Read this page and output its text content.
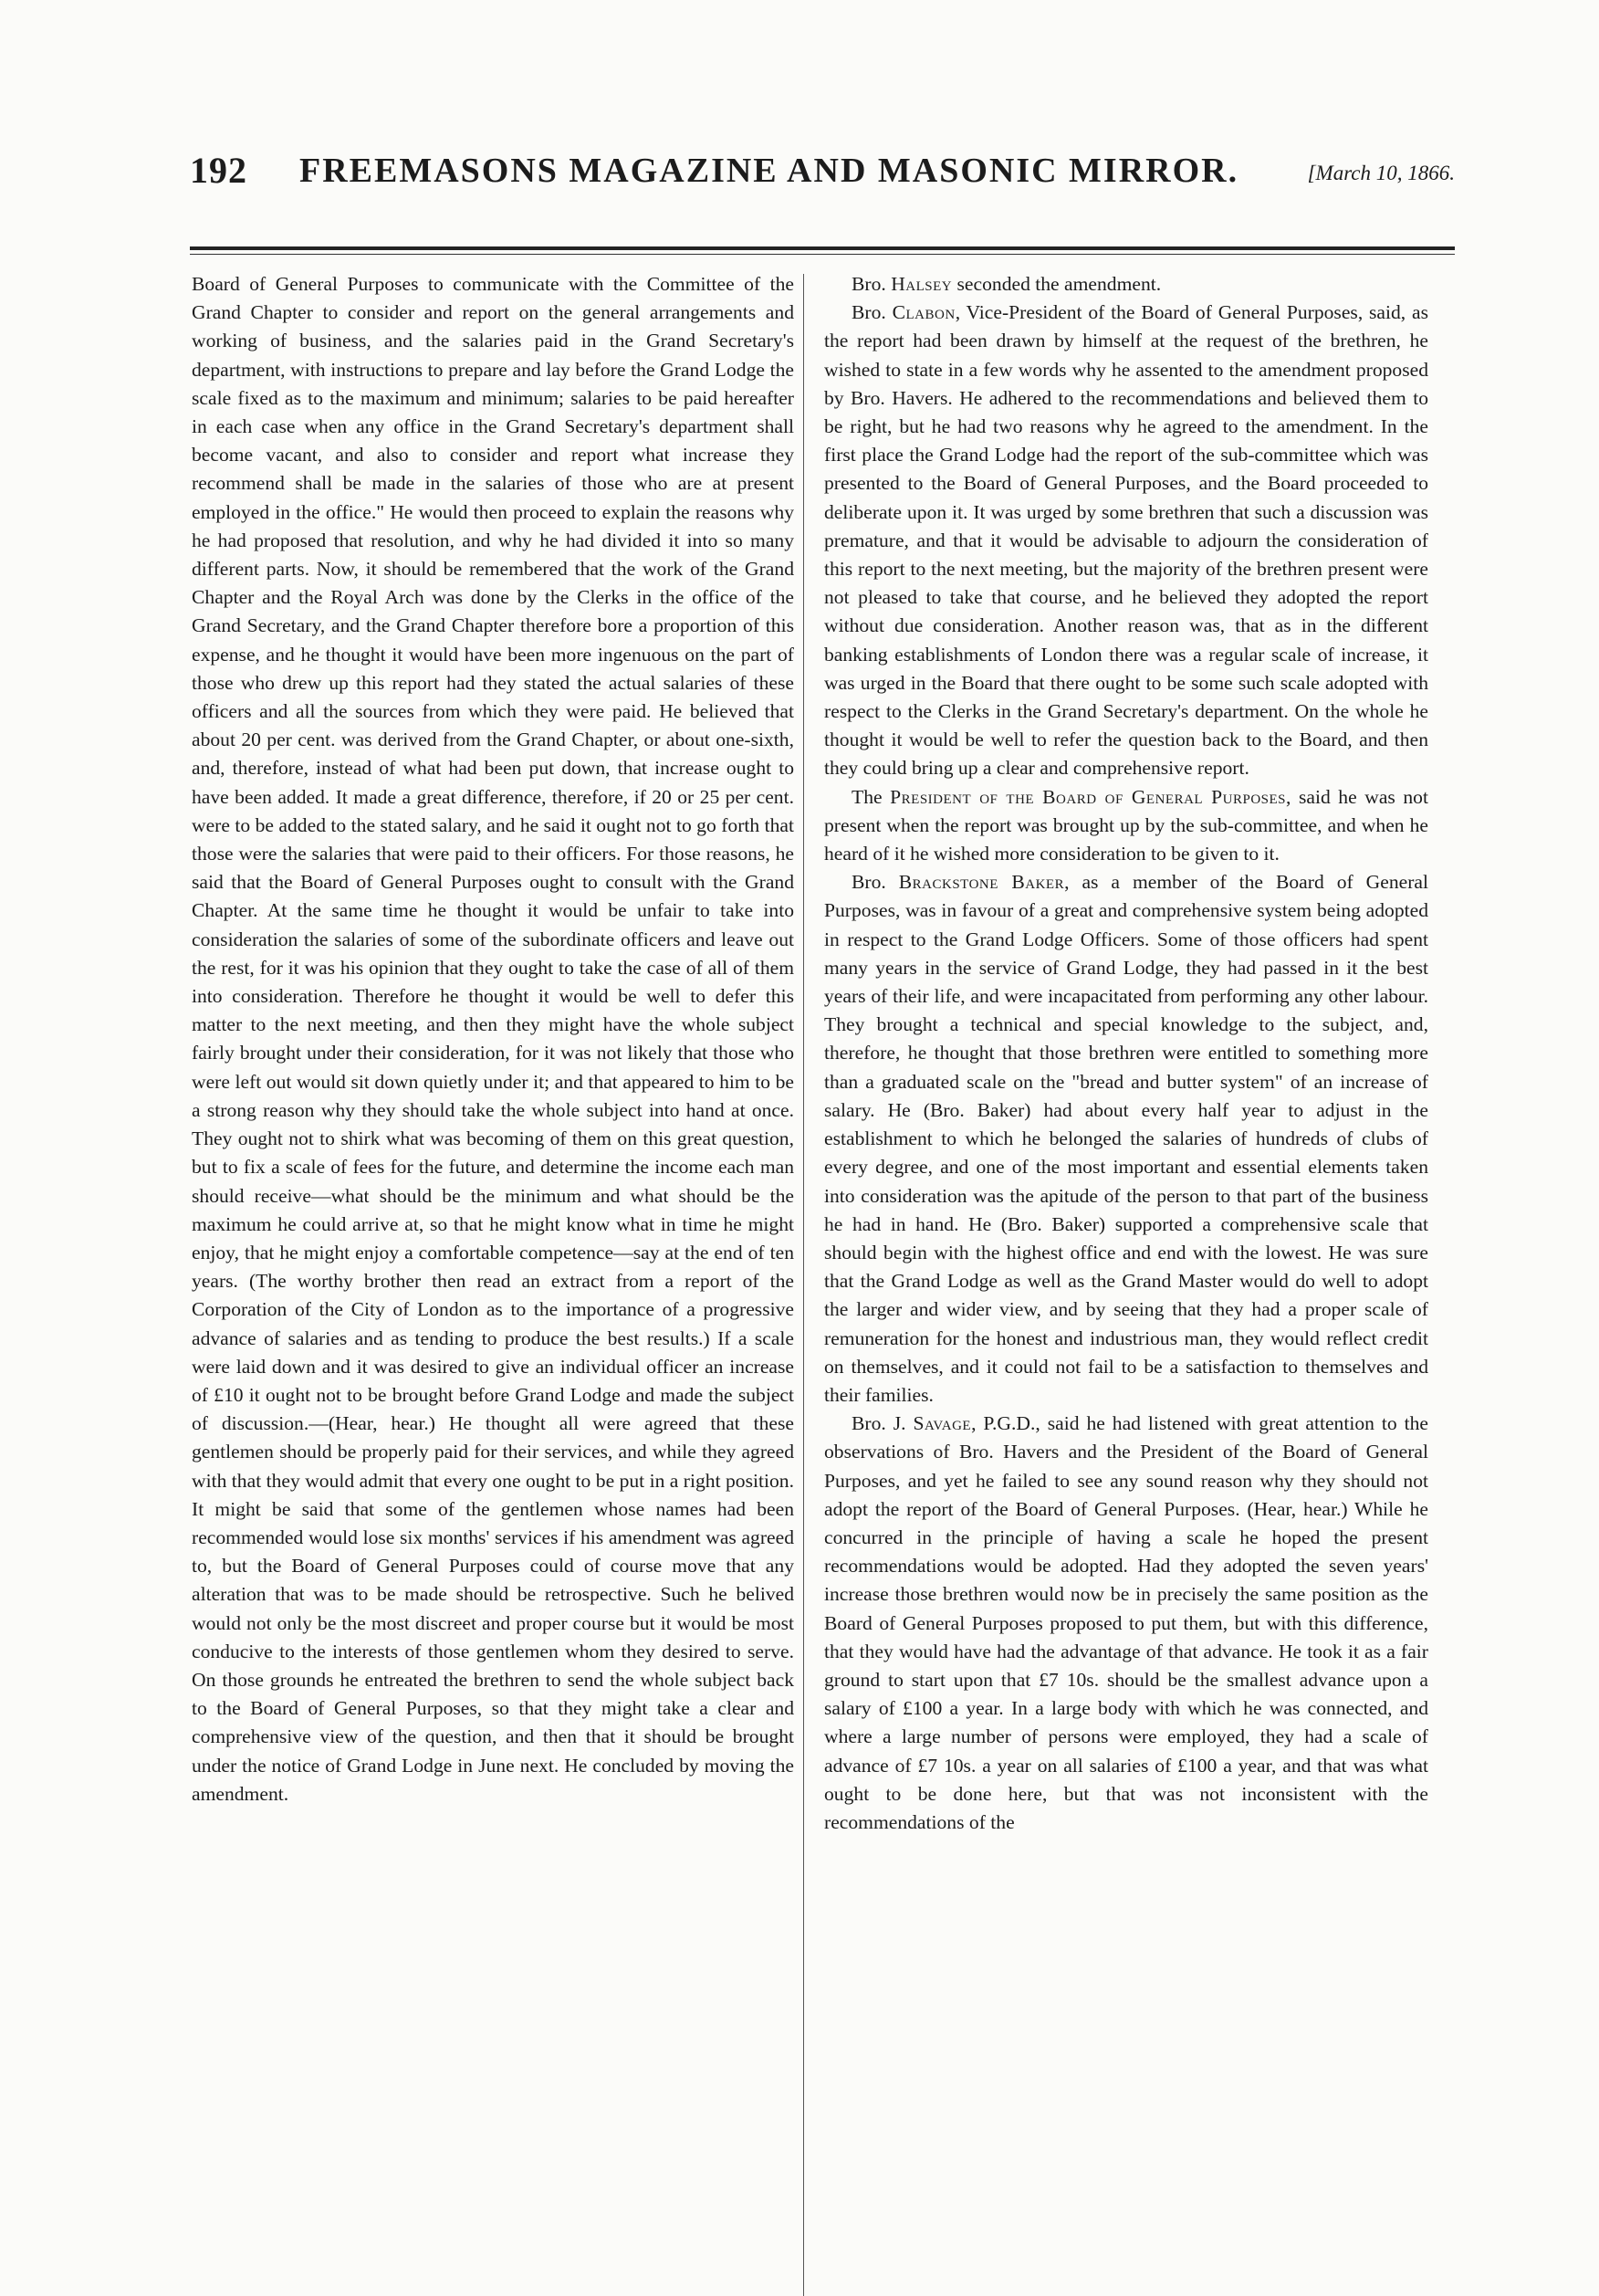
192 FREEMASONS MAGAZINE AND MASONIC MIRROR.	[March 10, 1866.

Board of General Purposes to communicate with the Committee of the Grand Chapter to consider and report on the general arrangements and working of business, and the salaries paid in the Grand Secretary's department, with instructions to prepare and lay before the Grand Lodge the scale fixed as to the maximum and minimum; salaries to be paid hereafter in each case when any office in the Grand Secretary's department shall become vacant, and also to consider and report what increase they recommend shall be made in the salaries of those who are at present employed in the office." He would then proceed to explain the reasons why he had proposed that resolution, and why he had divided it into so many different parts. Now, it should be remembered that the work of the Grand Chapter and the Royal Arch was done by the Clerks in the office of the Grand Secretary, and the Grand Chapter therefore bore a proportion of this expense, and he thought it would have been more ingenuous on the part of those who drew up this report had they stated the actual salaries of these officers and all the sources from which they were paid. He believed that about 20 per cent. was derived from the Grand Chapter, or about one-sixth, and, therefore, instead of what had been put down, that increase ought to have been added. It made a great difference, therefore, if 20 or 25 per cent. were to be added to the stated salary, and he said it ought not to go forth that those were the salaries that were paid to their officers. For those reasons, he said that the Board of General Purposes ought to consult with the Grand Chapter. At the same time he thought it would be unfair to take into consideration the salaries of some of the subordinate officers and leave out the rest, for it was his opinion that they ought to take the case of all of them into consideration. Therefore he thought it would be well to defer this matter to the next meeting, and then they might have the whole subject fairly brought under their consideration, for it was not likely that those who were left out would sit down quietly under it; and that appeared to him to be a strong reason why they should take the whole subject into hand at once. They ought not to shirk what was becoming of them on this great question, but to fix a scale of fees for the future, and determine the income each man should receive—what should be the minimum and what should be the maximum he could arrive at, so that he might know what in time he might enjoy, that he might enjoy a comfortable competence—say at the end of ten years. (The worthy brother then read an extract from a report of the Corporation of the City of London as to the importance of a progressive advance of salaries and as tending to produce the best results.) If a scale were laid down and it was desired to give an individual officer an increase of £10 it ought not to be brought before Grand Lodge and made the subject of discussion.—(Hear, hear.) He thought all were agreed that these gentlemen should be properly paid for their services, and while they agreed with that they would admit that every one ought to be put in a right position. It might be said that some of the gentlemen whose names had been recommended would lose six months' services if his amendment was agreed to, but the Board of General Purposes could of course move that any alteration that was to be made should be retrospective. Such he belived would not only be the most discreet and proper course but it would be most conducive to the interests of those gentlemen whom they desired to serve. On those grounds he entreated the brethren to send the whole subject back to the Board of General Purposes, so that they might take a clear and comprehensive view of the question, and then that it should be brought under the notice of Grand Lodge in June next. He concluded by moving the amendment.

Bro. Halsey seconded the amendment.

Bro. Clabon, Vice-President of the Board of General Purposes, said, as the report had been drawn by himself at the request of the brethren, he wished to state in a few words why he assented to the amendment proposed by Bro. Havers. He adhered to the recommendations and believed them to be right, but he had two reasons why he agreed to the amendment. In the first place the Grand Lodge had the report of the sub-committee which was presented to the Board of General Purposes, and the Board proceeded to deliberate upon it. It was urged by some brethren that such a discussion was premature, and that it would be advisable to adjourn the consideration of this report to the next meeting, but the majority of the brethren present were not pleased to take that course, and he believed they adopted the report without due consideration. Another reason was, that as in the different banking establishments of London there was a regular scale of increase, it was urged in the Board that there ought to be some such scale adopted with respect to the Clerks in the Grand Secretary's department. On the whole he thought it would be well to refer the question back to the Board, and then they could bring up a clear and comprehensive report.

The President of the Board of General Purposes, said he was not present when the report was brought up by the sub-committee, and when he heard of it he wished more consideration to be given to it.

Bro. Brackstone Baker, as a member of the Board of General Purposes, was in favour of a great and comprehensive system being adopted in respect to the Grand Lodge Officers. Some of those officers had spent many years in the service of Grand Lodge, they had passed in it the best years of their life, and were incapacitated from performing any other labour. They brought a technical and special knowledge to the subject, and, therefore, he thought that those brethren were entitled to something more than a graduated scale on the "bread and butter system" of an increase of salary. He (Bro. Baker) had about every half year to adjust in the establishment to which he belonged the salaries of hundreds of clubs of every degree, and one of the most important and essential elements taken into consideration was the apitude of the person to that part of the business he had in hand. He (Bro. Baker) supported a comprehensive scale that should begin with the highest office and end with the lowest. He was sure that the Grand Lodge as well as the Grand Master would do well to adopt the larger and wider view, and by seeing that they had a proper scale of remuneration for the honest and industrious man, they would reflect credit on themselves, and it could not fail to be a satisfaction to themselves and their families.

Bro. J. Savage, P.G.D., said he had listened with great attention to the observations of Bro. Havers and the President of the Board of General Purposes, and yet he failed to see any sound reason why they should not adopt the report of the Board of General Purposes. (Hear, hear.) While he concurred in the principle of having a scale he hoped the present recommendations would be adopted. Had they adopted the seven years' increase those brethren would now be in precisely the same position as the Board of General Purposes proposed to put them, but with this difference, that they would have had the advantage of that advance. He took it as a fair ground to start upon that £7 10s. should be the smallest advance upon a salary of £100 a year. In a large body with which he was connected, and where a large number of persons were employed, they had a scale of advance of £7 10s. a year on all salaries of £100 a year, and that was what ought to be done here, but that was not inconsistent with the recommendations of the
